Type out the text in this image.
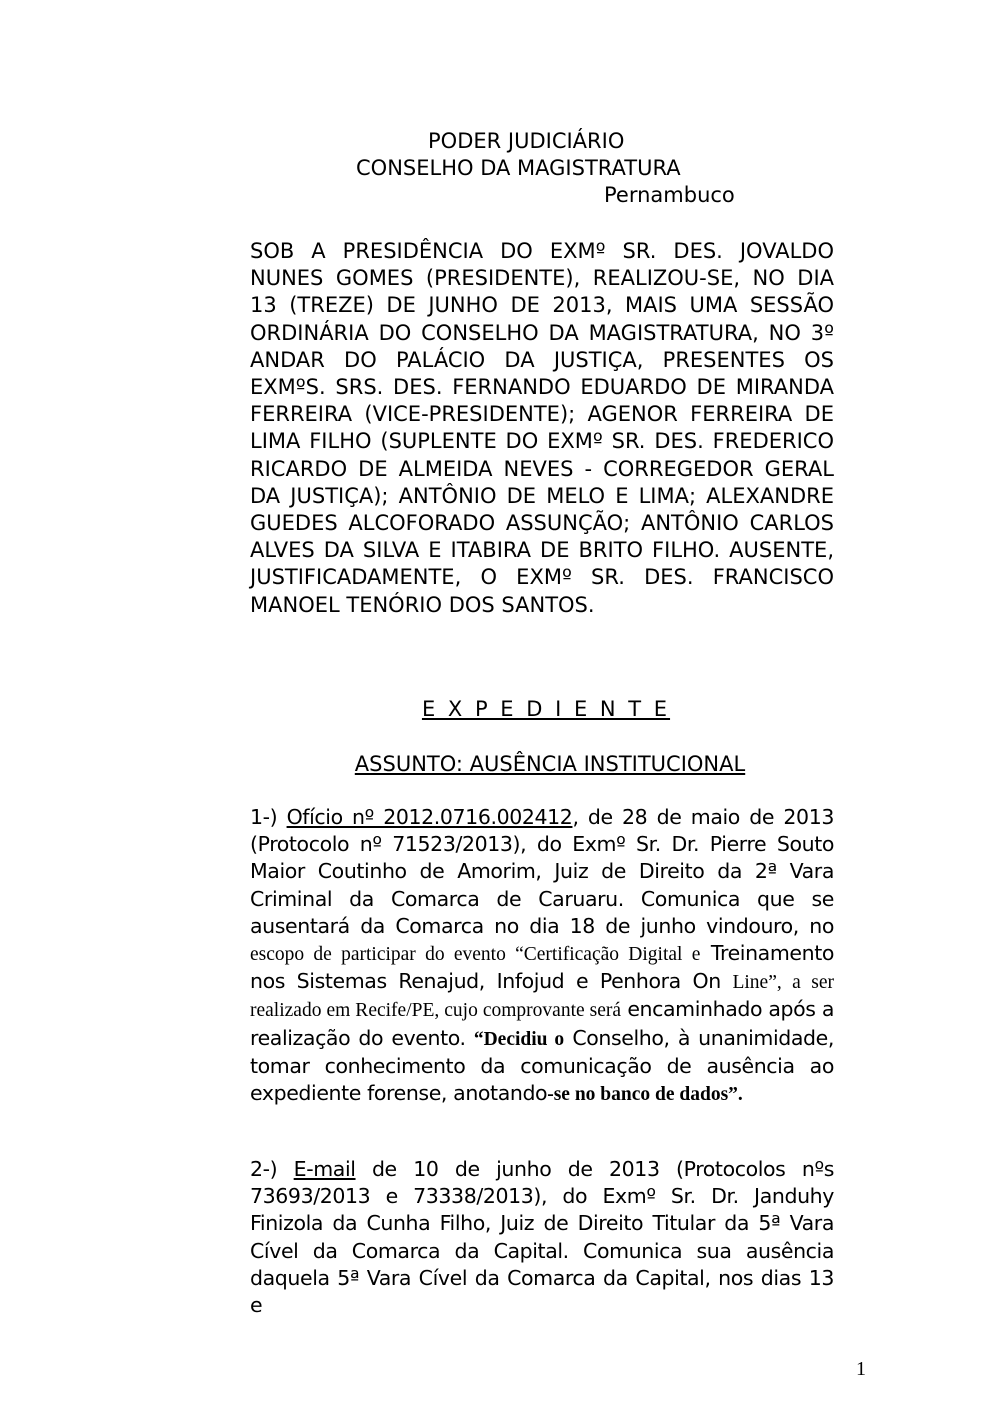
PODER JUDICIÁRIO
CONSELHO DA MAGISTRATURA
Pernambuco
SOB A PRESIDÊNCIA DO EXMº SR. DES. JOVALDO NUNES GOMES (PRESIDENTE), REALIZOU-SE, NO DIA 13 (TREZE) DE JUNHO DE 2013, MAIS UMA SESSÃO ORDINÁRIA DO CONSELHO DA MAGISTRATURA, NO 3º ANDAR DO PALÁCIO DA JUSTIÇA, PRESENTES OS EXMºS. SRS. DES. FERNANDO EDUARDO DE MIRANDA FERREIRA (VICE-PRESIDENTE); AGENOR FERREIRA DE LIMA FILHO (SUPLENTE DO EXMº SR. DES. FREDERICO RICARDO DE ALMEIDA NEVES - CORREGEDOR GERAL DA JUSTIÇA); ANTÔNIO DE MELO E LIMA; ALEXANDRE GUEDES ALCOFORADO ASSUNÇÃO; ANTÔNIO CARLOS ALVES DA SILVA E ITABIRA DE BRITO FILHO. AUSENTE, JUSTIFICADAMENTE, O EXMº SR. DES. FRANCISCO MANOEL TENÓRIO DOS SANTOS.
E X P E D I E N T E
ASSUNTO: AUSÊNCIA INSTITUCIONAL
1-) Ofício nº 2012.0716.002412, de 28 de maio de 2013 (Protocolo nº 71523/2013), do Exmº Sr. Dr. Pierre Souto Maior Coutinho de Amorim, Juiz de Direito da 2ª Vara Criminal da Comarca de Caruaru. Comunica que se ausentará da Comarca no dia 18 de junho vindouro, no escopo de participar do evento “Certificação Digital e Treinamento nos Sistemas Renajud, Infojud e Penhora On Line”, a ser realizado em Recife/PE, cujo comprovante será encaminhado após a realização do evento. “Decidiu o Conselho, à unanimidade, tomar conhecimento da comunicação de ausência ao expediente forense, anotando-se no banco de dados”.
2-) E-mail de 10 de junho de 2013 (Protocolos nºs 73693/2013 e 73338/2013), do Exmº Sr. Dr. Janduhy Finizola da Cunha Filho, Juiz de Direito Titular da 5ª Vara Cível da Comarca da Capital. Comunica sua ausência daquela 5ª Vara Cível da Comarca da Capital, nos dias 13 e
1
